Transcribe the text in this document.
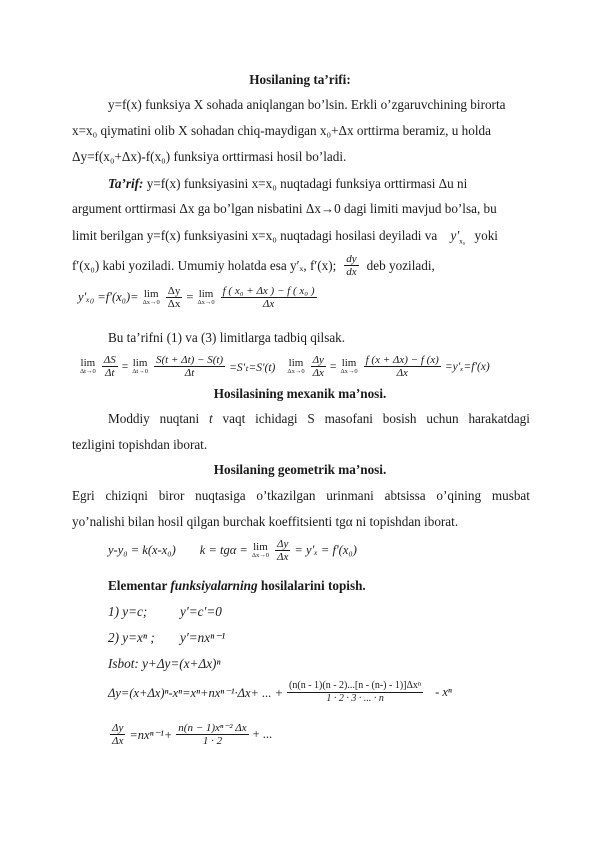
Hosilaning ta’rifi:
y=f(x) funksiya X sohada aniqlangan bo’lsin. Erkli o’zgaruvchining birorta
x=x₀ qiymatini olib X sohadan chiq-maydigan x₀+Δx orttirma beramiz, u holda
Δy=f(x₀+Δx)-f(x₀) funksiya orttirmasi hosil bo’ladi.
Ta’rif: y=f(x) funksiyasini x=x₀ nuqtadagi funksiya orttirmasi Δu ni
argument orttirmasi Δx ga bo’lgan nisbatini Δx→0 dagi limiti mavjud bo’lsa, bu
limit berilgan y=f(x) funksiyasini x=x₀ nuqtadagi hosilasi deyiladi va $y'_{x_0}$ yoki
f′(x₀) kabi yoziladi. Umumiy holatda esa y′ₓ, f′(x); $\frac{dy}{dx}$ deb yoziladi,
y′ₓ₀ =f′(x₀)= lim
$\Delta x\to 0 \frac{\Delta y}{\Delta x} = \lim$
$\Delta x\to 0 \frac{\text{f ( x₀ + Δx ) − f ( x₀ )}}{\Delta x}$
Bu ta’rifni (1) va (3) limitlarga tadbiq qilsak.
lim
$\Delta t\to 0 \frac{\Delta S}{\Delta t} = \lim$
$\Delta t\to 0 \frac{S(t + \Delta t) - S(t)}{\Delta t} =S'_t=S'(t)$ lim
$\Delta x\to 0 \frac{\Delta y}{\Delta x} = \lim$
$\Delta x\to 0 \frac{f (x + \Delta x) - f (x)}{\Delta x} =y'_x=f'(x)$
Hosilasining mexanik ma’nosi.
Moddiy nuqtani t vaqt ichidagi S masofani bosish uchun harakatdagi
tezligini topishdan iborat.
Hosilaning geometrik ma’nosi.
Egri chiziqni biror nuqtasiga o’tkazilgan urinmani abtsissa o’qining musbat
yo’nalishi bilan hosil qilgan burchak koeffitsienti tgα ni topishdan iborat.
y-y₀ = k(x-x₀) k = tgα = lim
$\Delta x\to 0 \frac{\Delta y}{\Delta x} = y'_x = f'(x_0)$
Elementar funksiyalarning hosilalarini topish.
1) y=c; y′=c′=0
2) y=xⁿ ; y′=nxⁿ⁻¹
Isbot: y+Δy=(x+Δx)ⁿ
Δy=(x+Δx)ⁿ-xⁿ=xⁿ+nxⁿ⁻¹·Δx+ ... + $\frac{\text{(n(n - 1)(n - 2)...[n - (n-) - 1)]Δxⁿ}}{1 \cdot 2 \cdot 3 \cdot ... \cdot n}$ - xⁿ
$\frac{\Delta y}{\Delta x} =nx^{n-1}+ \frac{\text{n(n − 1)xⁿ⁻² Δx}}{1 \cdot 2}$ + ...
